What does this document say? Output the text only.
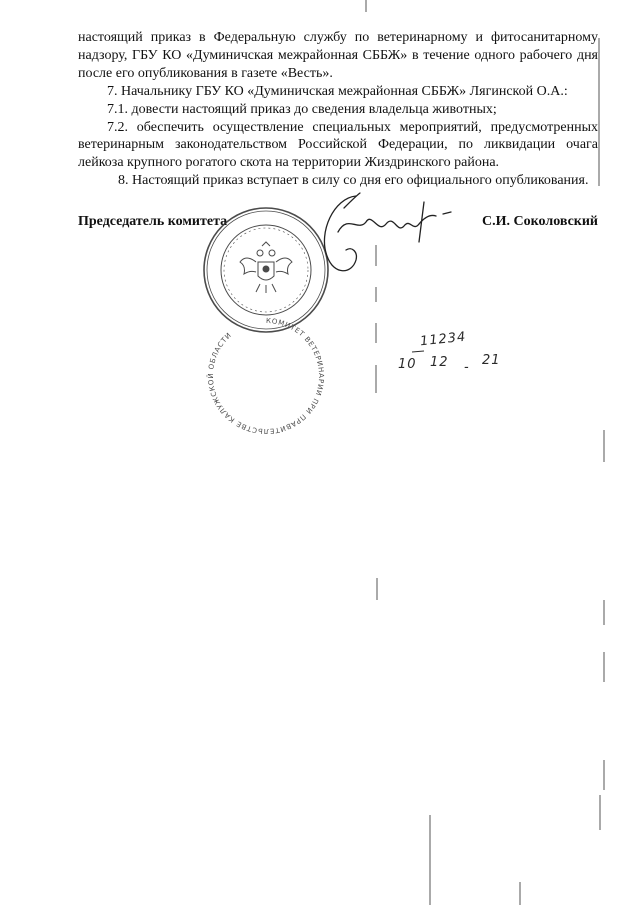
настоящий приказ в Федеральную службу по ветеринарному и фитосанитарному
надзору, ГБУ КО «Думиничская межрайонная СББЖ» в течение одного рабочего дня
после его опубликования в газете «Весть».
7. Начальнику ГБУ КО «Думиничская межрайонная СББЖ» Лягинской О.А.:
7.1. довести настоящий приказ до сведения владельца животных;
7.2. обеспечить осуществление специальных мероприятий, предусмотренных
ветеринарным законодательством Российской Федерации, по ликвидации очага
лейкоза крупного рогатого скота на территории Жиздринского района.
8. Настоящий приказ вступает в силу со дня его официального опубликования.
Председатель комитета	С.И. Соколовский
КОМИТЕТ ВЕТЕРИНАРИИ ПРИ ПРАВИТЕЛЬСТВЕ КАЛУЖСКОЙ ОБЛАСТИ	11234
10 12 - 21
